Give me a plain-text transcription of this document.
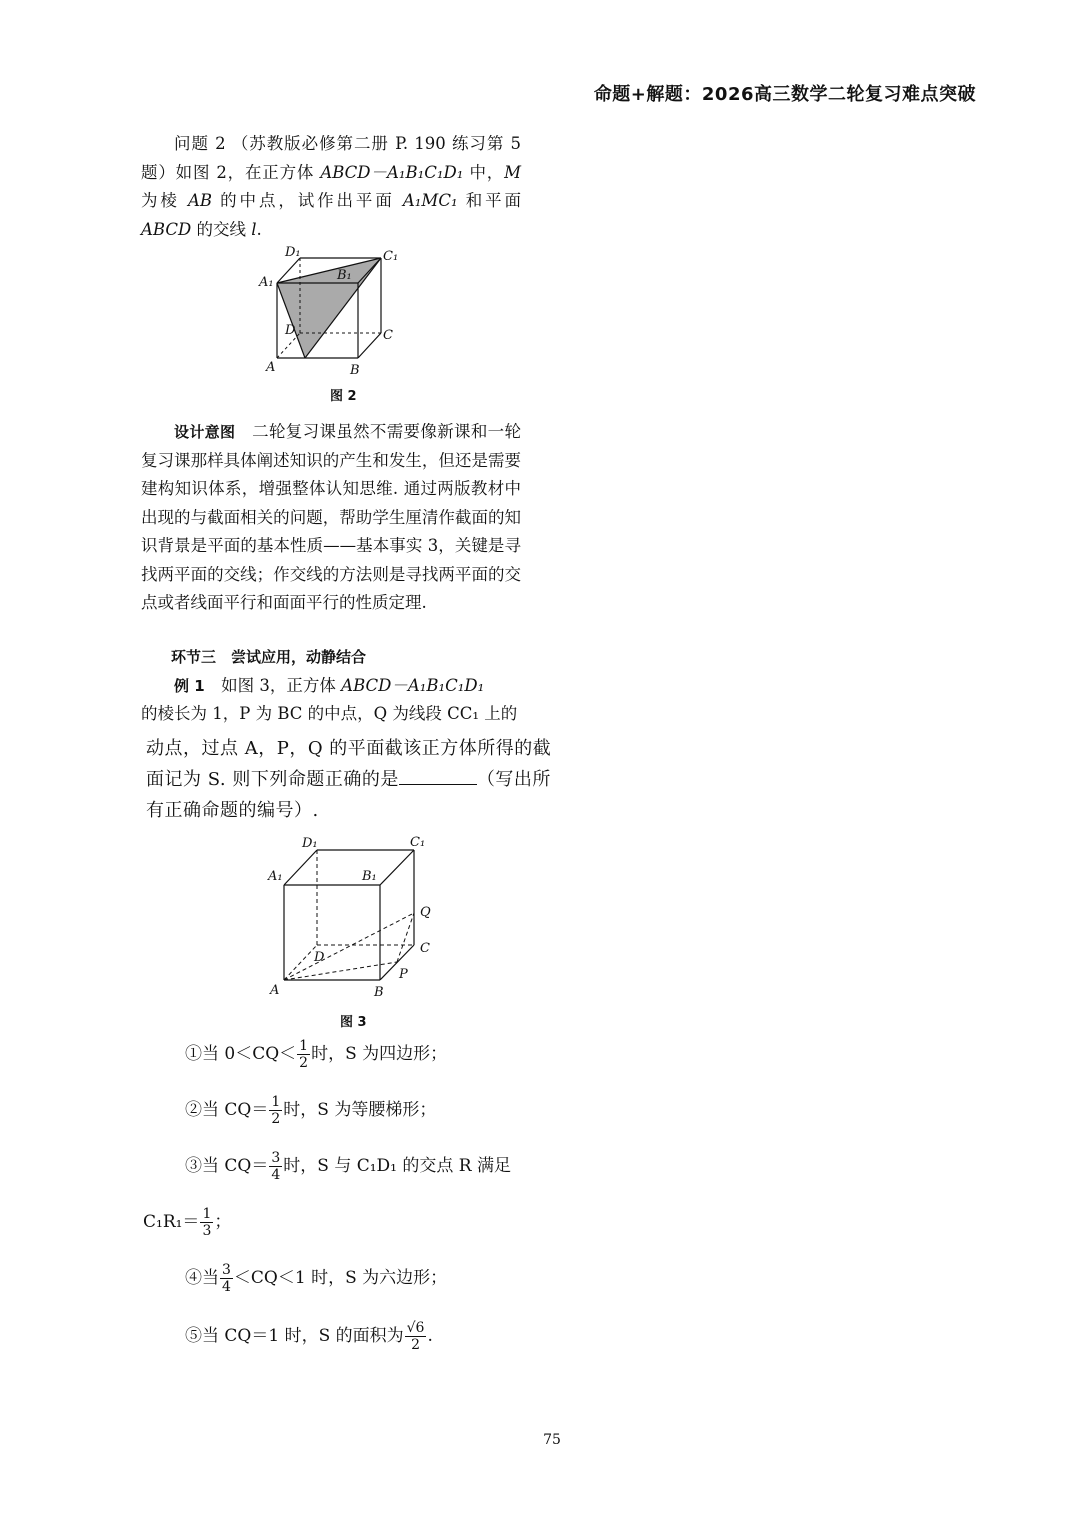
命题+解题：2026高三数学二轮复习难点突破

问题 2 （苏教版必修第二册 P. 190 练习第 5 题）如图 2，在正方体 ABCD－A₁B₁C₁D₁ 中，M 为棱 AB 的中点，试作出平面 A₁MC₁ 和平面 ABCD 的交线 l.

D₁	C₁
A₁	B₁
D	C
A	B
图 2

设计意图　 二轮复习课虽然不需要像新课和一轮复习课那样具体阐述知识的产生和发生，但还是需要建构知识体系，增强整体认知思维. 通过两版教材中出现的与截面相关的问题，帮助学生厘清作截面的知识背景是平面的基本性质——基本事实 3，关键是寻找两平面的交线；作交线的方法则是寻找两平面的交点或者线面平行和面面平行的性质定理.

环节三　尝试应用，动静结合

例 1　 如图 3，正方体 ABCD－A₁B₁C₁D₁

的棱长为 1，P 为 BC 的中点，Q 为线段 CC₁ 上的

动点，过点 A，P，Q 的平面截该正方体所得的截

面记为 S. 则下列命题正确的是	（写出所

有正确命题的编号）.

D₁	C₁
A₁	B₁
Q
D
C
P
A	B
图 3
①当 $0<CQ< \frac{1}{2}$ 时，S 为四边形；
②当 $CQ= \frac{1}{2}$ 时，S 为等腰梯形；
③当 $CQ= \frac{3}{4}$ 时，S 与 C₁D₁ 的交点 R 满足
$C_1R_1= \frac{1}{3}$ ；
④当 $\frac{3}{4} <CQ<1$ 时，S 为六边形；
⑤当 CQ＝1 时，S 的面积为 $\frac{√6}{2}$ .
75
